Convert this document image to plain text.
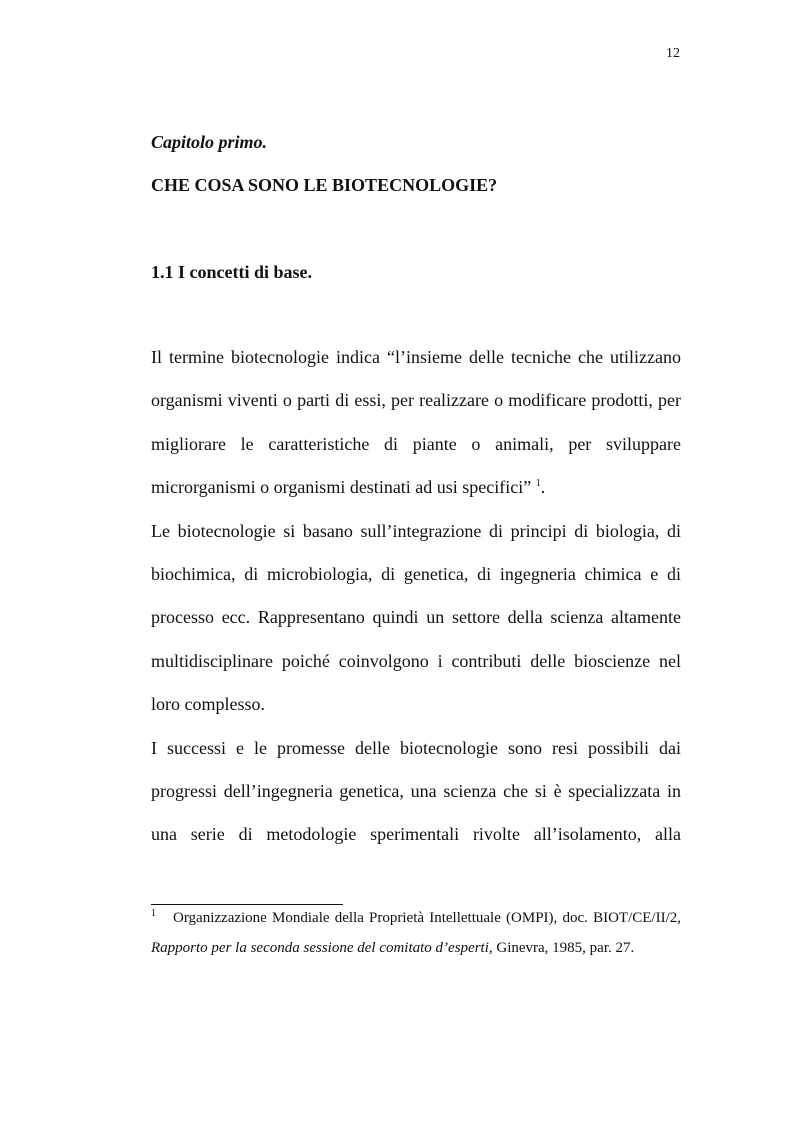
12
Capitolo primo.
CHE COSA SONO LE BIOTECNOLOGIE?
1.1 I concetti di base.

Il termine biotecnologie indica “l’insieme delle tecniche che utilizzano organismi viventi o parti di essi, per realizzare o modificare prodotti, per migliorare le caratteristiche di piante o animali, per sviluppare microrganismi o organismi destinati ad usi specifici” $^1$.

Le biotecnologie si basano sull’integrazione di principi di biologia, di biochimica, di microbiologia, di genetica, di ingegneria chimica e di processo ecc. Rappresentano quindi un settore della scienza altamente multidisciplinare poiché coinvolgono i contributi delle bioscienze nel loro complesso.

I successi e le promesse delle biotecnologie sono resi possibili dai progressi dell’ingegneria genetica, una scienza che si è specializzata in una serie di metodologie sperimentali rivolte all’isolamento, alla

1 Organizzazione Mondiale della Proprietà Intellettuale (OMPI), doc. BIOT/CE/II/2, Rapporto per la seconda sessione del comitato d’esperti, Ginevra, 1985, par. 27.
